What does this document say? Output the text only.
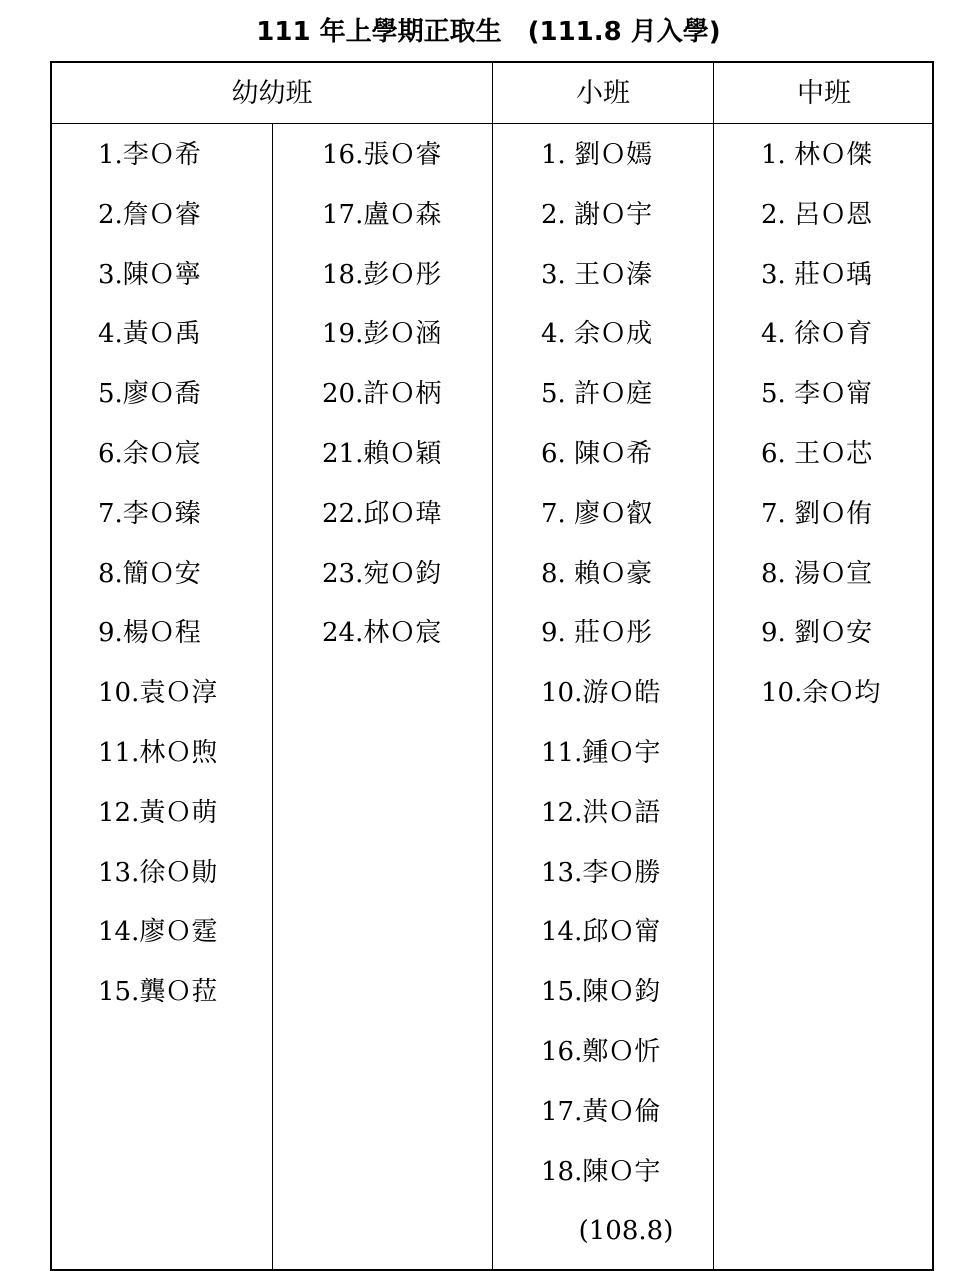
111 年上學期正取生　(111.8 月入學)
幼幼班	小班	中班
1.李Ｏ希
2.詹Ｏ睿
3.陳Ｏ寧
4.黃Ｏ禹
5.廖Ｏ喬
6.余Ｏ宸
7.李Ｏ臻
8.簡Ｏ安
9.楊Ｏ程
10.袁Ｏ淳
11.林Ｏ煦
12.黃Ｏ萌
13.徐Ｏ勛
14.廖Ｏ霆
15.龔Ｏ菈
16.張Ｏ睿
17.盧Ｏ森
18.彭Ｏ彤
19.彭Ｏ涵
20.許Ｏ柄
21.賴Ｏ穎
22.邱Ｏ瑋
23.宛Ｏ鈞
24.林Ｏ宸
1. 劉Ｏ嫣
2. 謝Ｏ宇
3. 王Ｏ溱
4. 余Ｏ成
5. 許Ｏ庭
6. 陳Ｏ希
7. 廖Ｏ叡
8. 賴Ｏ豪
9. 莊Ｏ彤
10.游Ｏ皓
11.鍾Ｏ宇
12.洪Ｏ語
13.李Ｏ勝
14.邱Ｏ甯
15.陳Ｏ鈞
16.鄭Ｏ忻
17.黃Ｏ倫
18.陳Ｏ宇
(108.8)
1. 林Ｏ傑
2. 呂Ｏ恩
3. 莊Ｏ瑀
4. 徐Ｏ育
5. 李Ｏ甯
6. 王Ｏ芯
7. 劉Ｏ侑
8. 湯Ｏ宣
9. 劉Ｏ安
10.余Ｏ均
